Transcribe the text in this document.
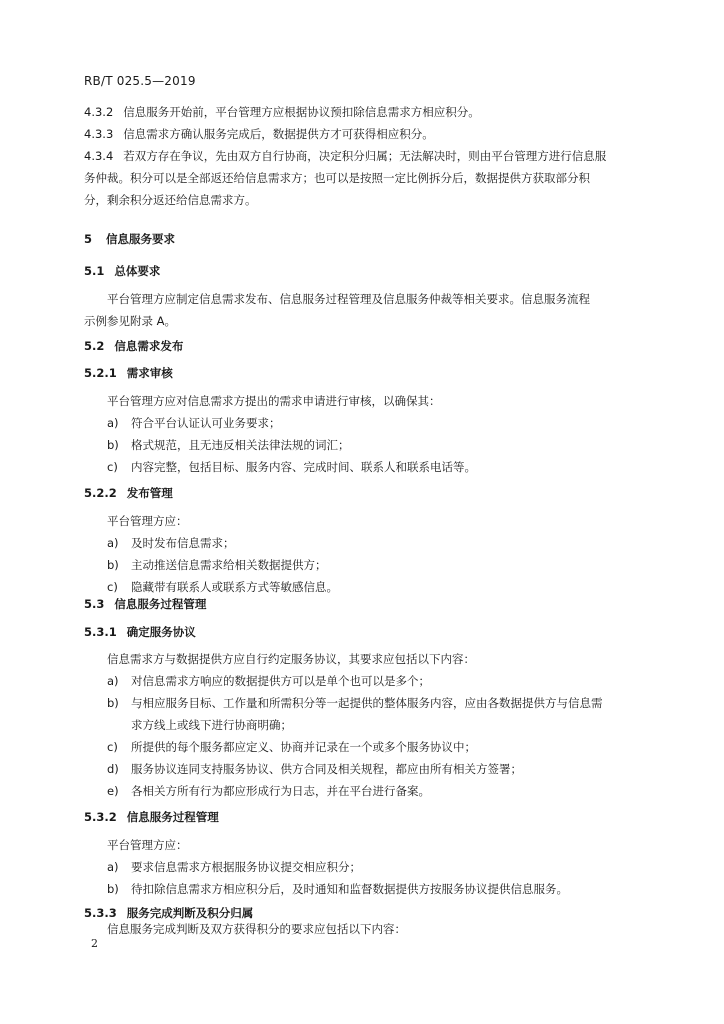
RB/T 025.5—2019
4.3.2 信息服务开始前，平台管理方应根据协议预扣除信息需求方相应积分。
4.3.3 信息需求方确认服务完成后，数据提供方才可获得相应积分。
4.3.4 若双方存在争议，先由双方自行协商，决定积分归属；无法解决时，则由平台管理方进行信息服
务仲裁。积分可以是全部返还给信息需求方；也可以是按照一定比例拆分后，数据提供方获取部分积
分，剩余积分返还给信息需求方。
5 信息服务要求
5.1 总体要求
平台管理方应制定信息需求发布、信息服务过程管理及信息服务仲裁等相关要求。信息服务流程
示例参见附录 A。
5.2 信息需求发布
5.2.1 需求审核
平台管理方应对信息需求方提出的需求申请进行审核，以确保其：
a) 符合平台认证认可业务要求；
b) 格式规范，且无违反相关法律法规的词汇；
c) 内容完整，包括目标、服务内容、完成时间、联系人和联系电话等。
5.2.2 发布管理
平台管理方应：
a) 及时发布信息需求；
b) 主动推送信息需求给相关数据提供方；
c) 隐藏带有联系人或联系方式等敏感信息。
5.3 信息服务过程管理
5.3.1 确定服务协议
信息需求方与数据提供方应自行约定服务协议，其要求应包括以下内容：
a) 对信息需求方响应的数据提供方可以是单个也可以是多个；
b) 与相应服务目标、工作量和所需积分等一起提供的整体服务内容，应由各数据提供方与信息需
求方线上或线下进行协商明确；
c) 所提供的每个服务都应定义、协商并记录在一个或多个服务协议中；
d) 服务协议连同支持服务协议、供方合同及相关规程，都应由所有相关方签署；
e) 各相关方所有行为都应形成行为日志，并在平台进行备案。
5.3.2 信息服务过程管理
平台管理方应：
a) 要求信息需求方根据服务协议提交相应积分；
b) 待扣除信息需求方相应积分后，及时通知和监督数据提供方按服务协议提供信息服务。
5.3.3 服务完成判断及积分归属
信息服务完成判断及双方获得积分的要求应包括以下内容：
2
